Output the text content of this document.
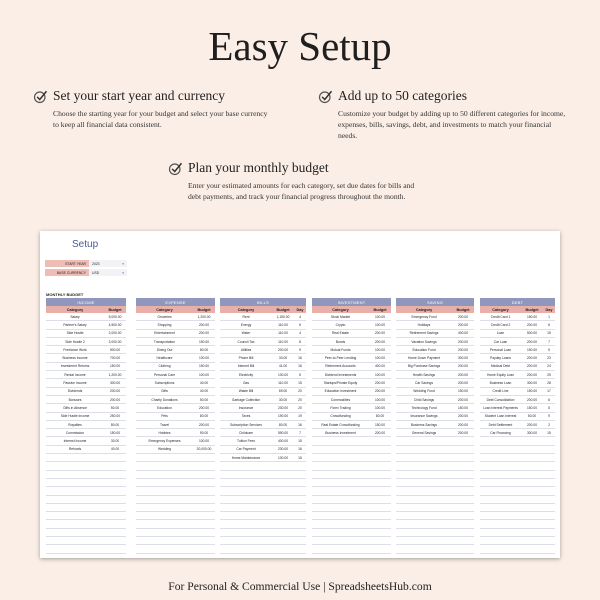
Easy Setup
Set your start year and currency
Choose the starting year for your budget and select your base currency to keep all financial data consistent.
Add up to 50 categories
Customize your budget by adding up to 50 different categories for income, expenses, bills, savings, debt, and investments to match your financial needs.
Plan your monthly budget
Enter your estimated amounts for each category, set due dates for bills and debt payments, and track your financial progress throughout the month.
Setup
START YEAR	2023	▾
BASE CURRENCY	USD	▾
MONTHLY BUDGET
INCOME
Category	Budget
Salary	5,000.00
Partner's Salary	4,500.00
Side Hustle	2,000.00
Side Hustle 2	2,000.00
Freelance Work	500.00
Business Income	700.00
Investment Returns	150.00
Rental Income	1,200.00
Passive Income	300.00
Dividends	200.00
Bonuses	200.00
Gifts in Absence	50.00
Side Hustle Income	250.00
Royalties	80.00
Commission	150.00
Interest Income	30.00
Refunds	40.00
EXPENSE
Category	Budget
Groceries	1,200.00
Shopping	200.00
Entertainment	200.00
Transportation	150.00
Dining Out	80.00
Healthcare	130.00
Clothing	150.00
Personal Care	100.00
Subscriptions	40.00
Gifts	40.00
Charity Donations	50.00
Education	200.00
Pets	80.00
Travel	200.00
Hobbies	90.00
Emergency Expenses	100.00
Wedding	20,000.00
BILLS
Category	Budget	Day
Rent	1,150.00	4
Energy	110.00	6
Water	110.00	4
Council Tax	110.00	8
Utilities	200.00	9
Phone Bill	33.00	16
Internet Bill	41.00	16
Electricity	130.00	5
Gas	110.00	15
Waste Bill	69.00	20
Garbage Collection	30.00	20
Insurance	230.00	20
Taxes	190.00	19
Subscription Services	80.00	16
Childcare	590.00	7
Tuition Fees	400.00	15
Car Payment	230.00	16
Home Maintenance	130.00	15
INVESTMENT
Category	Budget
Stock Market	100.00
Crypto	100.00
Real Estate	200.00
Bonds	200.00
Mutual Funds	100.00
Peer-to-Peer Lending	100.00
Retirement Accounts	400.00
Dividend Investments	100.00
Startups/Private Equity	200.00
Education Investment	200.00
Commodities	100.00
Forex Trading	100.00
Crowdfunding	80.00
Real Estate Crowdfunding	150.00
Business Investment	200.00
SAVING
Category	Budget
Emergency Fund	200.00
Holidays	200.00
Retirement Savings	400.00
Vacation Savings	200.00
Education Fund	200.00
Home Down Payment	300.00
Big Purchase Savings	200.00
Health Savings	200.00
Car Savings	200.00
Wedding Fund	150.00
Child Savings	200.00
Technology Fund	150.00
Insurance Savings	200.00
Business Savings	200.00
General Savings	200.00
DEBT
Category	Budget	Day
Credit Card 1	150.00	1
Credit Card 2	200.00	6
Loan	500.00	15
Car Loan	200.00	7
Personal Loan	150.00	5
Payday Loans	200.00	23
Medical Debt	200.00	24
Home Equity Loan	200.00	25
Business Loan	300.00	28
Credit Line	150.00	17
Debt Consolidation	200.00	6
Loan Interest Payments	150.00	5
Student Loan Interest	50.00	9
Debt Settlement	200.00	2
Car Financing	300.00	15
For Personal & Commercial Use | SpreadsheetsHub.com
